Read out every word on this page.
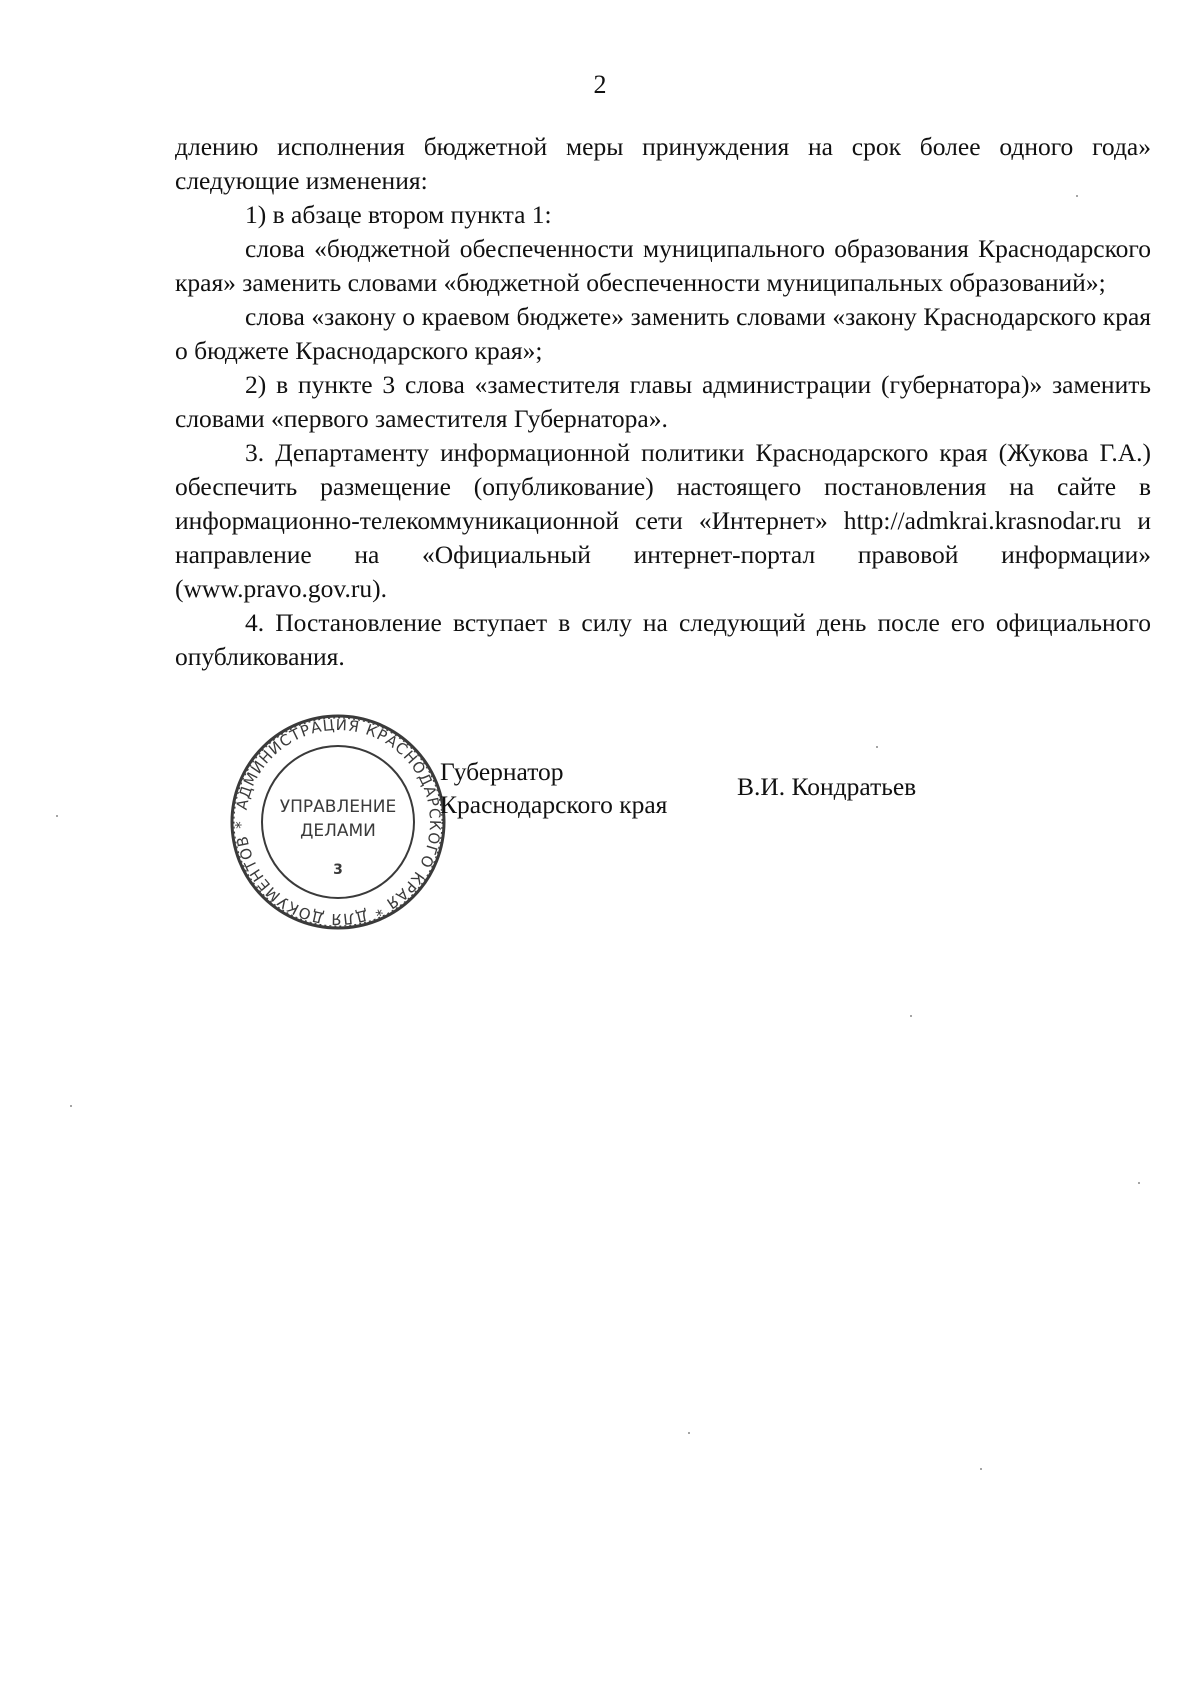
2

длению исполнения бюджетной меры принуждения на срок более одного года» следующие изменения:

1) в абзаце втором пункта 1:

слова «бюджетной обеспеченности муниципального образования Краснодарского края» заменить словами «бюджетной обеспеченности муниципальных образований»;

слова «закону о краевом бюджете» заменить словами «закону Краснодарского края о бюджете Краснодарского края»;

2) в пункте 3 слова «заместителя главы администрации (губернатора)» заменить словами «первого заместителя Губернатора».

3. Департаменту информационной политики Краснодарского края (Жукова Г.А.) обеспечить размещение (опубликование) настоящего постановления на сайте в информационно-телекоммуникационной сети «Интернет» http://admkrai.krasnodar.ru и направление на «Официальный интернет-портал правовой информации» (www.pravo.gov.ru).

4. Постановление вступает в силу на следующий день после его официального опубликования.

АДМИНИСТРАЦИЯ КРАСНОДАРСКОГО КРАЯ * ДЛЯ ДОКУМЕНТОВ *
УПРАВЛЕНИЕ
ДЕЛАМИ
3
Губернатор
Краснодарского края
В.И. Кондратьев
